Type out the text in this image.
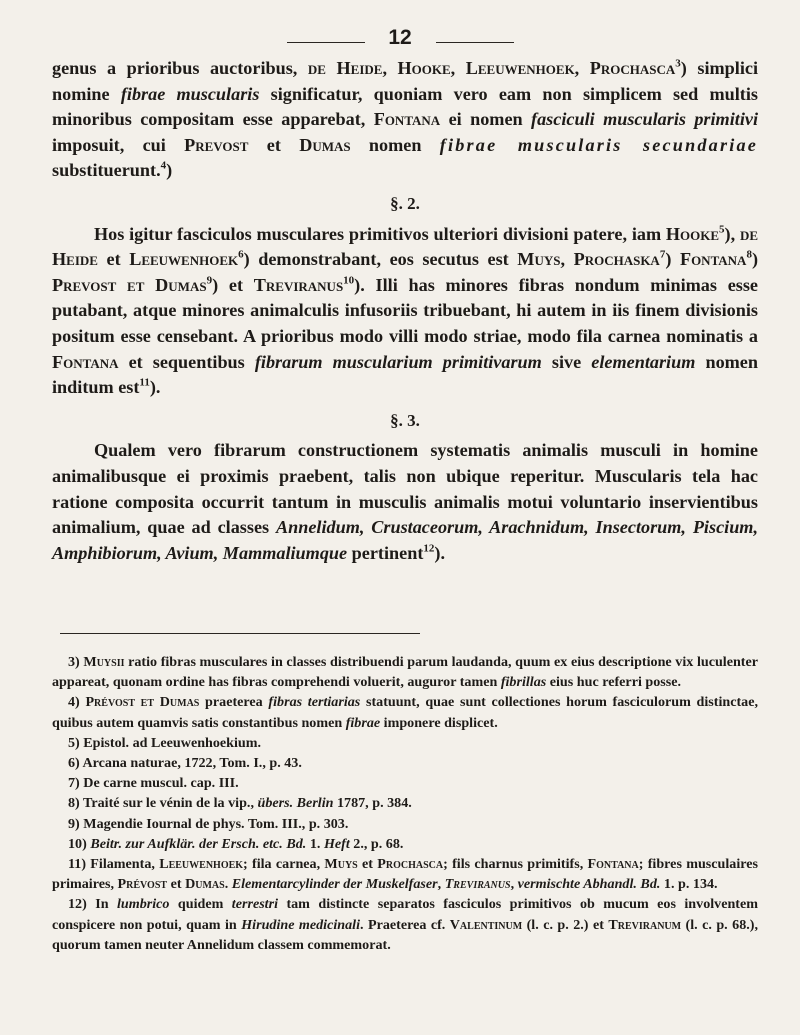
12

genus a prioribus auctoribus, de Heide, Hooke, Leeuwenhoek, Prochasca$^3$) simplici nomine fibrae muscularis significatur, quoniam vero eam non simplicem sed multis minoribus compositam esse apparebat, Fontana ei nomen fasciculi muscularis primitivi imposuit, cui Prevost et Dumas nomen fibrae muscularis secundariae substituerunt.$^4$)

§. 2.

Hos igitur fasciculos musculares primitivos ulteriori divisioni patere, iam Hooke$^5$), de Heide et Leeuwenhoek$^6$) demonstrabant, eos secutus est Muys, Prochaska$^7$) Fontana$^8$) Prevost et Dumas$^9$) et Treviranus$^{10}$). Illi has minores fibras nondum minimas esse putabant, atque minores animalculis infusoriis tribuebant, hi autem in iis finem divisionis positum esse censebant. A prioribus modo villi modo striae, modo fila carnea nominatis a Fontana et sequentibus fibrarum muscularium primitivarum sive elementarium nomen inditum est$^{11}$).

§. 3.

Qualem vero fibrarum constructionem systematis animalis musculi in homine animalibusque ei proximis praebent, talis non ubique reperitur. Muscularis tela hac ratione composita occurrit tantum in musculis animalis motui voluntario inservientibus animalium, quae ad classes Annelidum, Crustaceorum, Arachnidum, Insectorum, Piscium, Amphibiorum, Avium, Mammaliumque pertinent$^{12}$).

3) Muysii ratio fibras musculares in classes distribuendi parum laudanda, quum ex eius descriptione vix luculenter appareat, quonam ordine has fibras comprehendi voluerit, auguror tamen fibrillas eius huc referri posse.

4) Prévost et Dumas praeterea fibras tertiarias statuunt, quae sunt collectiones horum fasciculorum distinctae, quibus autem quamvis satis constantibus nomen fibrae imponere displicet.

5) Epistol. ad Leeuwenhoekium.

6) Arcana naturae, 1722, Tom. I., p. 43.

7) De carne muscul. cap. III.

8) Traité sur le vénin de la vip., übers. Berlin 1787, p. 384.

9) Magendie Iournal de phys. Tom. III., p. 303.

10) Beitr. zur Aufklär. der Ersch. etc. Bd. 1. Heft 2., p. 68.

11) Filamenta, Leeuwenhoek; fila carnea, Muys et Prochasca; fils charnus primitifs, Fontana; fibres musculaires primaires, Prévost et Dumas. Elementarcylinder der Muskelfaser, Treviranus, vermischte Abhandl. Bd. 1. p. 134.

12) In lumbrico quidem terrestri tam distincte separatos fasciculos primitivos ob mucum eos involventem conspicere non potui, quam in Hirudine medicinali. Praeterea cf. Valentinum (l. c. p. 2.) et Treviranum (l. c. p. 68.), quorum tamen neuter Annelidum classem commemorat.
